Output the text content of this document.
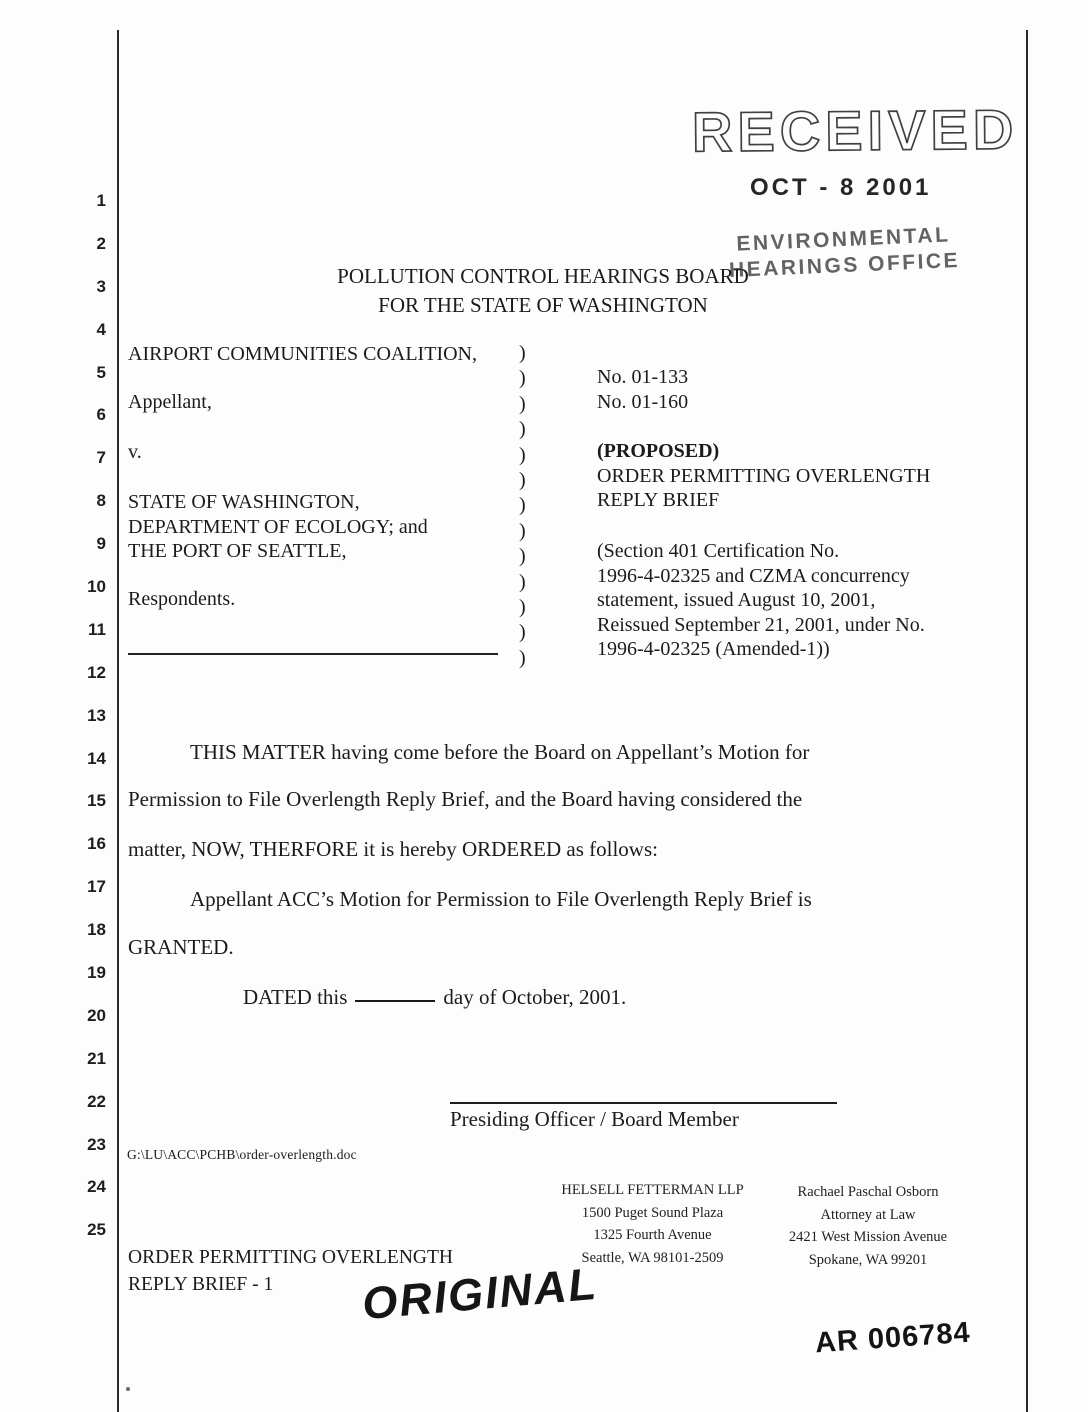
1
2
3
4
5
6
7
8
9
10
11
12
13
14
15
16
17
18
19
20
21
22
23
24
25
RECEIVED
OCT - 8 2001
ENVIRONMENTAL
HEARINGS OFFICE
POLLUTION CONTROL HEARINGS BOARD
FOR THE STATE OF WASHINGTON
AIRPORT COMMUNITIES COALITION,
Appellant,
v.
STATE OF WASHINGTON,
DEPARTMENT OF ECOLOGY; and
THE PORT OF SEATTLE,
Respondents.
)
)
)
)
)
)
)
)
)
)
)
)
)
No. 01-133
No. 01-160
(PROPOSED)
ORDER PERMITTING OVERLENGTH
REPLY BRIEF
(Section 401 Certification No.
1996-4-02325 and CZMA concurrency
statement, issued August 10, 2001,
Reissued September 21, 2001, under No.
1996-4-02325 (Amended-1))
THIS MATTER having come before the Board on Appellant’s Motion for
Permission to File Overlength Reply Brief, and the Board having considered the
matter, NOW, THERFORE it is hereby ORDERED as follows:
Appellant ACC’s Motion for Permission to File Overlength Reply Brief is
GRANTED.
DATED this	day of October, 2001.
Presiding Officer / Board Member
G:\LU\ACC\PCHB\order-overlength.doc
HELSELL FETTERMAN LLP
1500 Puget Sound Plaza
1325 Fourth Avenue
Seattle, WA 98101-2509
Rachael Paschal Osborn
Attorney at Law
2421 West Mission Avenue
Spokane, WA 99201
ORDER PERMITTING OVERLENGTH
REPLY BRIEF - 1 ORIGINAL
AR 006784
